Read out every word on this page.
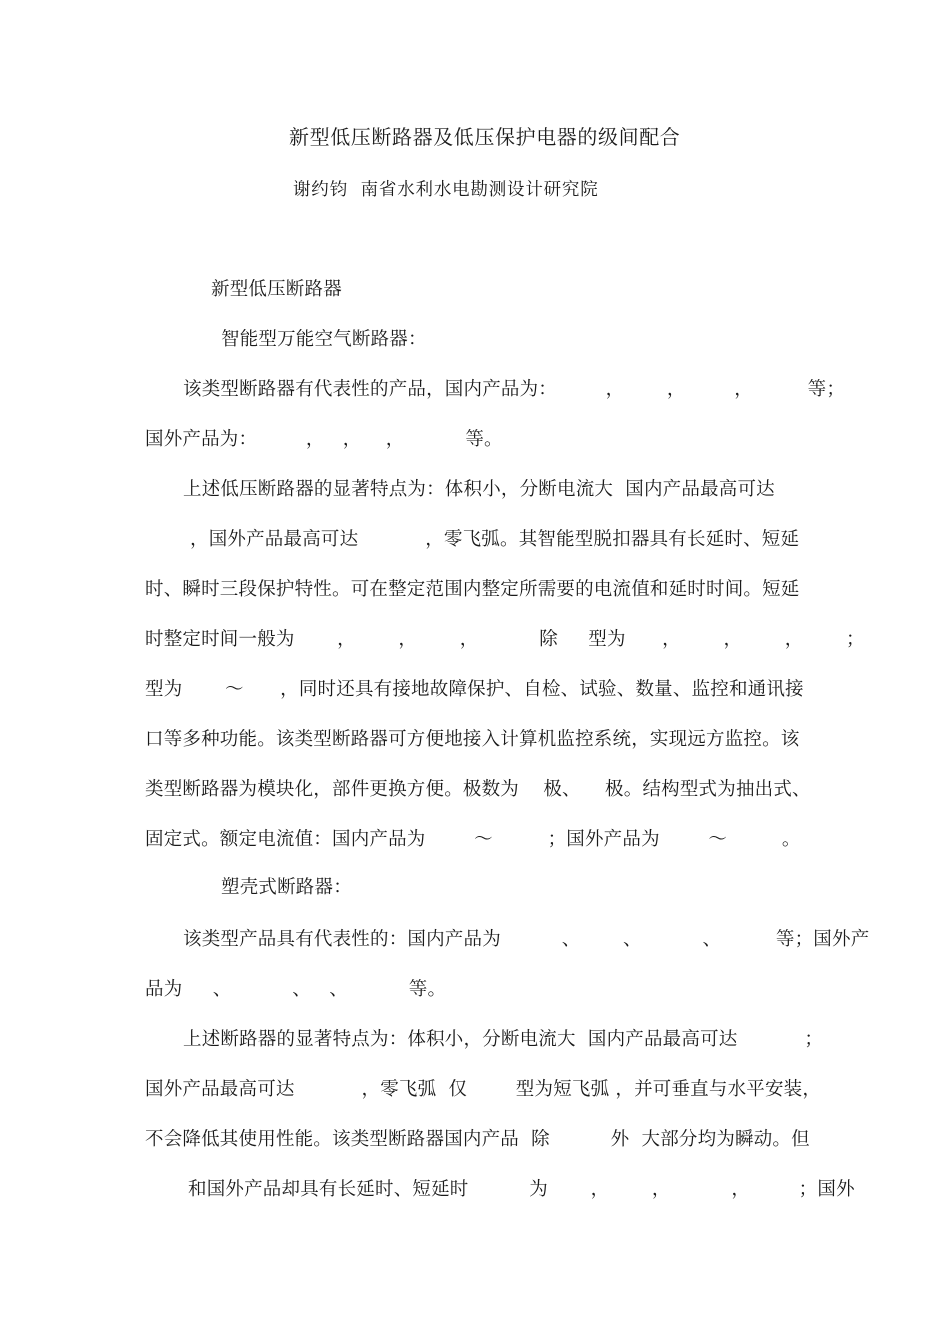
新型低压断路器及低压保护电器的级间配合
谢约钧  南省水利水电勘测设计研究院
新型低压断路器
智能型万能空气断路器：
该类型断路器有代表性的产品，国内产品为：        ，       ，        ，         等；
国外产品为：        ，   ，    ，          等。
上述低压断路器的显著特点为：体积小，分断电流大  国内产品最高可达
，国外产品最高可达           ，零飞弧。其智能型脱扣器具有长延时、短延
时、瞬时三段保护特性。可在整定范围内整定所需要的电流值和延时时间。短延
时整定时间一般为       ，       ，       ，          除     型为      ，       ，       ，       ；
型为       ～      ，同时还具有接地故障保护、自检、试验、数量、监控和通讯接
口等多种功能。该类型断路器可方便地接入计算机监控系统，实现远方监控。该
类型断路器为模块化，部件更换方便。极数为    极、    极。结构型式为抽出式、
固定式。额定电流值：国内产品为        ～         ；国外产品为        ～         。
塑壳式断路器：
该类型产品具有代表性的：国内产品为          、       、          、         等；国外产
品为     、          、   、          等。
上述断路器的显著特点为：体积小，分断电流大  国内产品最高可达           ；
国外产品最高可达           ，零飞弧  仅        型为短飞弧 ，并可垂直与水平安装，
不会降低其使用性能。该类型断路器国内产品  除          外  大部分均为瞬动。但
和国外产品却具有长延时、短延时          为       ，       ，          ，        ；国外
